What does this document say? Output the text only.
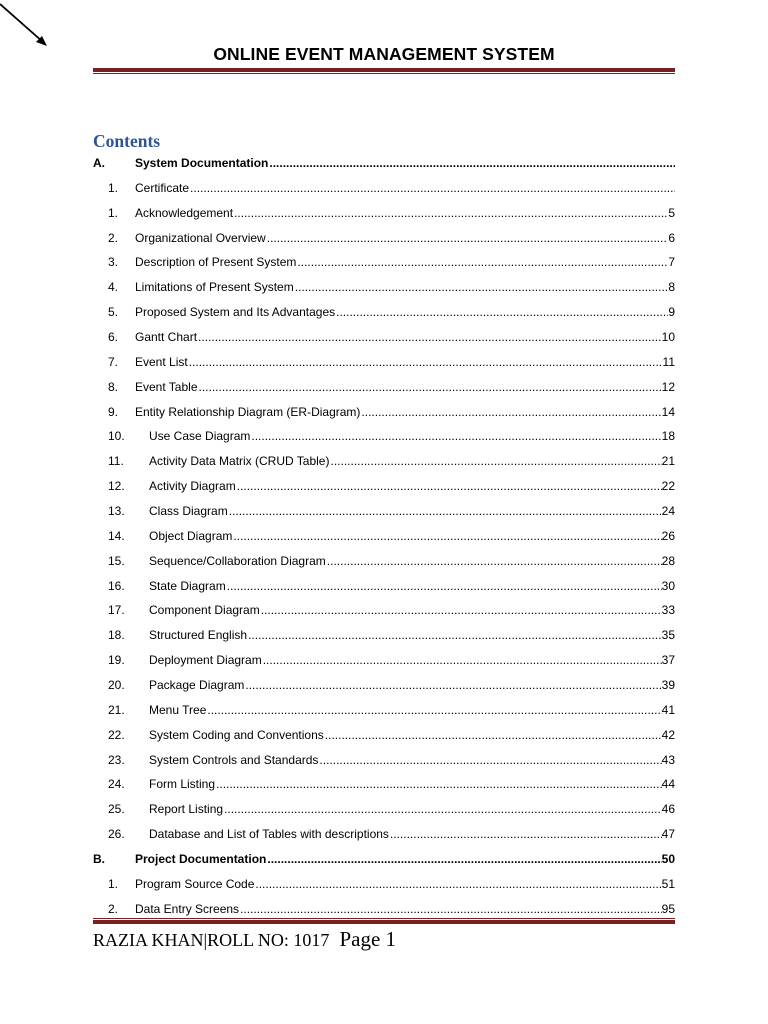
ONLINE EVENT MANAGEMENT SYSTEM
Contents
A.	System Documentation
.....
1.	Certificate
.....
1.	Acknowledgement .....	5
2.	Organizational Overview .....	6
3.	Description of Present System .....	7
4.	Limitations of Present System .....	8
5.	Proposed System and Its Advantages .....	9
6.	Gantt Chart .....	10
7.	Event List .....	11
8.	Event Table .....	12
9.	Entity Relationship Diagram (ER-Diagram) .....	14
10.	Use Case Diagram .....	18
11.	Activity Data Matrix (CRUD Table) .....	21
12.	Activity Diagram .....	22
13.	Class Diagram .....	24
14.	Object Diagram .....	26
15.	Sequence/Collaboration Diagram .....	28
16.	State Diagram .....	30
17.	Component Diagram .....	33
18.	Structured English .....	35
19.	Deployment Diagram .....	37
20.	Package Diagram .....	39
21.	Menu Tree .....	41
22.	System Coding and Conventions .....	42
23.	System Controls and Standards .....	43
24.	Form Listing .....	44
25.	Report Listing .....	46
26.	Database and List of Tables with descriptions .....	47
B.	Project Documentation .....	50
1.	Program Source Code .....	51
2.	Data Entry Screens .....	95
RAZIA KHAN|ROLL NO: 1017 Page 1
